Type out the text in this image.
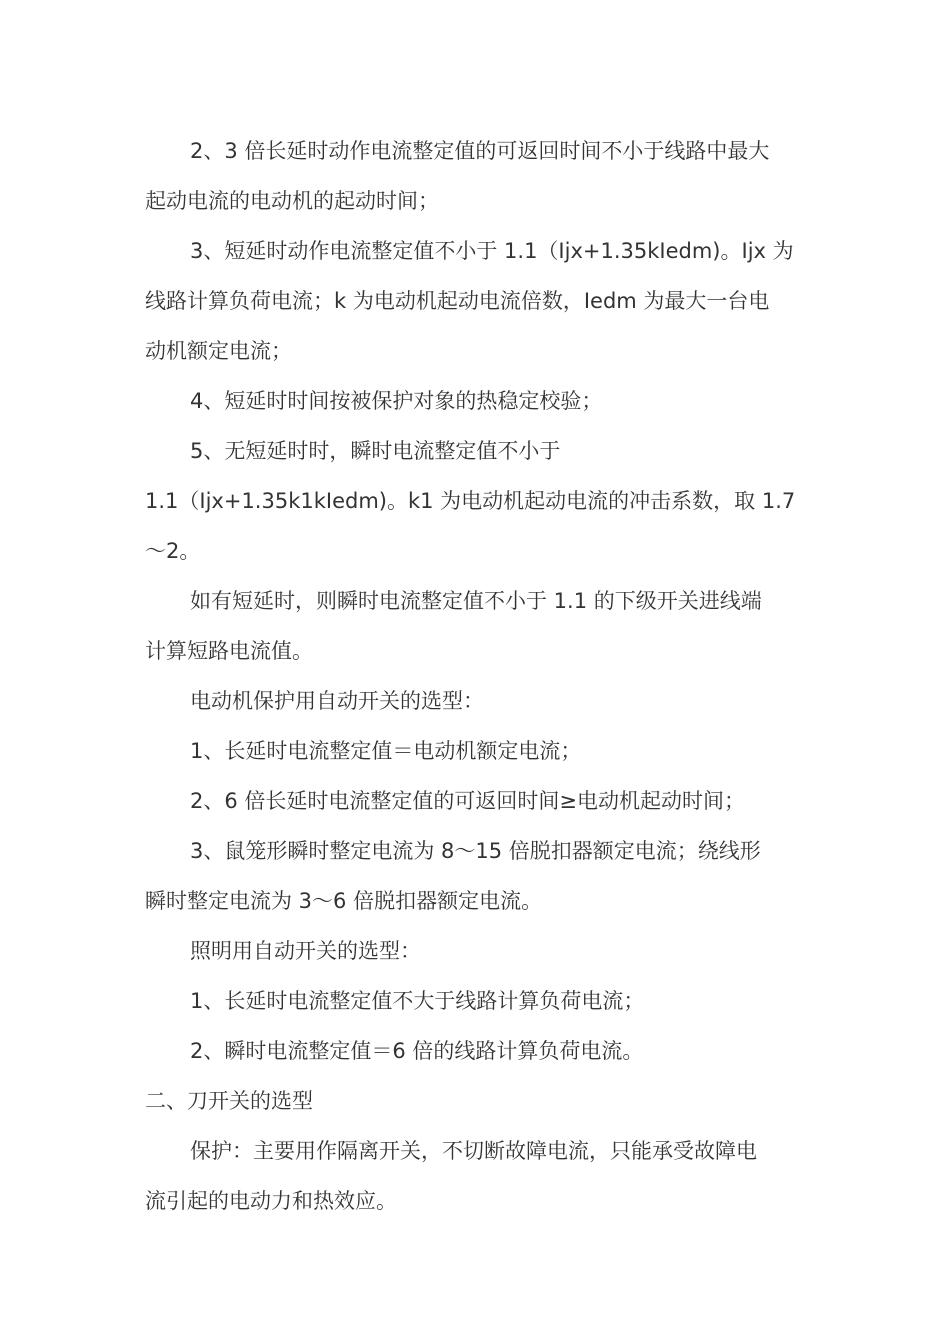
2、3 倍长延时动作电流整定值的可返回时间不小于线路中最大
起动电流的电动机的起动时间；
3、短延时动作电流整定值不小于 1.1（Ijx+1.35kIedm)。Ijx 为
线路计算负荷电流；k 为电动机起动电流倍数，Iedm 为最大一台电
动机额定电流；
4、短延时时间按被保护对象的热稳定校验；
5、无短延时时，瞬时电流整定值不小于
1.1（Ijx+1.35k1kIedm)。k1 为电动机起动电流的冲击系数，取 1.7
～2。
如有短延时，则瞬时电流整定值不小于 1.1 的下级开关进线端
计算短路电流值。
电动机保护用自动开关的选型：
1、长延时电流整定值＝电动机额定电流；
2、6 倍长延时电流整定值的可返回时间≥电动机起动时间；
3、鼠笼形瞬时整定电流为 8～15 倍脱扣器额定电流；绕线形
瞬时整定电流为 3～6 倍脱扣器额定电流。
照明用自动开关的选型：
1、长延时电流整定值不大于线路计算负荷电流；
2、瞬时电流整定值＝6 倍的线路计算负荷电流。
二、刀开关的选型
保护：主要用作隔离开关，不切断故障电流，只能承受故障电
流引起的电动力和热效应。
